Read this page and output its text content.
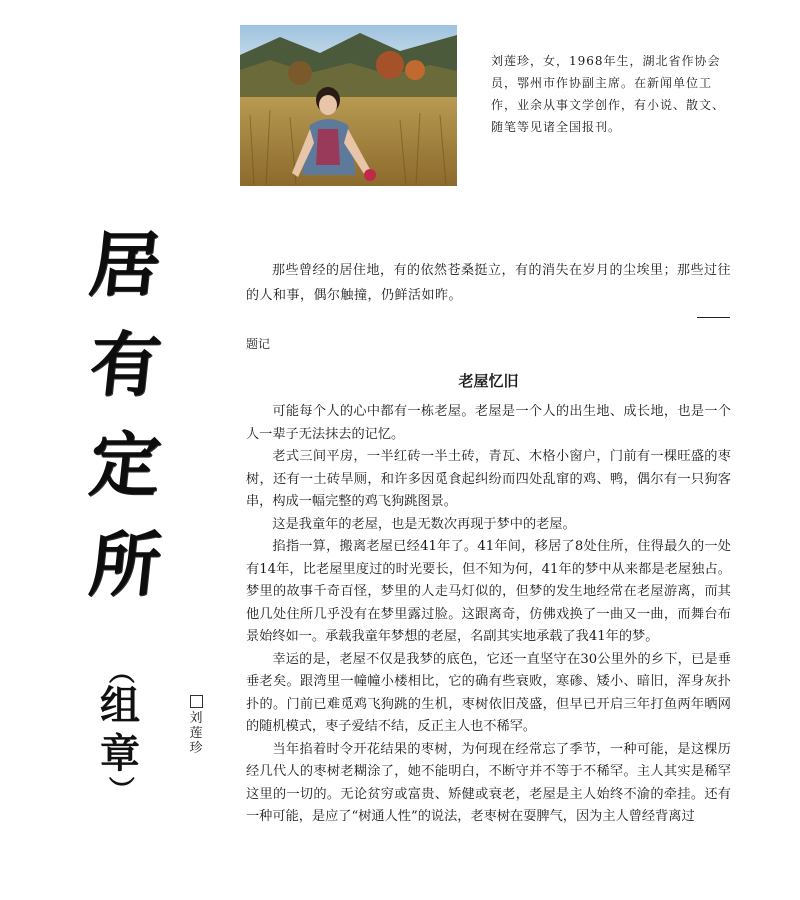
刘莲珍，女，1968年生，湖北省作协会员，鄂州市作协副主席。在新闻单位工作，业余从事文学创作，有小说、散文、随笔等见诸全国报刊。
居
有
定
所
（
组
章
）
刘
莲
珍
那些曾经的居住地，有的依然苍桑挺立，有的消失在岁月的尘埃里；那些过往的人和事，偶尔触撞，仍鲜活如昨。
题记
老屋忆旧

可能每个人的心中都有一栋老屋。老屋是一个人的出生地、成长地，也是一个人一辈子无法抹去的记忆。

老式三间平房，一半红砖一半土砖，青瓦、木格小窗户，门前有一棵旺盛的枣树，还有一土砖旱厕，和许多因觅食起纠纷而四处乱窜的鸡、鸭，偶尔有一只狗客串，构成一幅完整的鸡飞狗跳图景。

这是我童年的老屋，也是无数次再现于梦中的老屋。

掐指一算，搬离老屋已经41年了。41年间，移居了8处住所，住得最久的一处有14年，比老屋里度过的时光要长，但不知为何，41年的梦中从来都是老屋独占。梦里的故事千奇百怪，梦里的人走马灯似的，但梦的发生地经常在老屋游离，而其他几处住所几乎没有在梦里露过脸。这跟离奇，仿佛戏换了一曲又一曲，而舞台布景始终如一。承载我童年梦想的老屋，名副其实地承载了我41年的梦。

幸运的是，老屋不仅是我梦的底色，它还一直坚守在30公里外的乡下，已是垂垂老矣。跟湾里一幢幢小楼相比，它的确有些衰败，寒碜、矮小、暗旧，浑身灰扑扑的。门前已难觅鸡飞狗跳的生机，枣树依旧茂盛，但早已开启三年打鱼两年晒网的随机模式，枣子爱结不结，反正主人也不稀罕。

当年掐着时令开花结果的枣树，为何现在经常忘了季节，一种可能，是这棵历经几代人的枣树老糊涂了，她不能明白，不断守并不等于不稀罕。主人其实是稀罕这里的一切的。无论贫穷或富贵、矫健或衰老，老屋是主人始终不渝的牵挂。还有一种可能，是应了“树通人性”的说法，老枣树在耍脾气，因为主人曾经背离过
